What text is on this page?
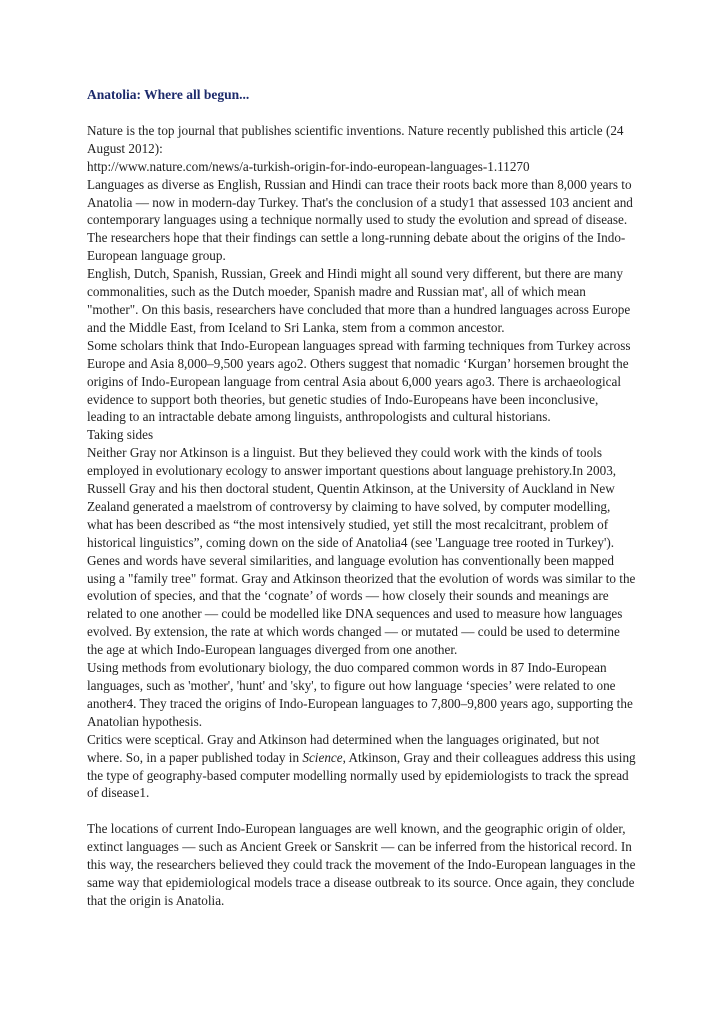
Anatolia: Where all begun...

Nature is the top journal that publishes scientific inventions. Nature recently published this article (24 August 2012):

http://www.nature.com/news/a-turkish-origin-for-indo-european-languages-1.11270

Languages as diverse as English, Russian and Hindi can trace their roots back more than 8,000 years to Anatolia — now in modern-day Turkey. That's the conclusion of a study1 that assessed 103 ancient and contemporary languages using a technique normally used to study the evolution and spread of disease. The researchers hope that their findings can settle a long-running debate about the origins of the Indo-European language group.

English, Dutch, Spanish, Russian, Greek and Hindi might all sound very different, but there are many commonalities, such as the Dutch moeder, Spanish madre and Russian mat', all of which mean "mother". On this basis, researchers have concluded that more than a hundred languages across Europe and the Middle East, from Iceland to Sri Lanka, stem from a common ancestor.

Some scholars think that Indo-European languages spread with farming techniques from Turkey across Europe and Asia 8,000–9,500 years ago2. Others suggest that nomadic ‘Kurgan’ horsemen brought the origins of Indo-European language from central Asia about 6,000 years ago3. There is archaeological evidence to support both theories, but genetic studies of Indo-Europeans have been inconclusive, leading to an intractable debate among linguists, anthropologists and cultural historians.

Taking sides

Neither Gray nor Atkinson is a linguist. But they believed they could work with the kinds of tools employed in evolutionary ecology to answer important questions about language prehistory.In 2003, Russell Gray and his then doctoral student, Quentin Atkinson, at the University of Auckland in New Zealand generated a maelstrom of controversy by claiming to have solved, by computer modelling, what has been described as “the most intensively studied, yet still the most recalcitrant, problem of historical linguistics”, coming down on the side of Anatolia4 (see 'Language tree rooted in Turkey').

Genes and words have several similarities, and language evolution has conventionally been mapped using a "family tree" format. Gray and Atkinson theorized that the evolution of words was similar to the evolution of species, and that the ‘cognate’ of words — how closely their sounds and meanings are related to one another — could be modelled like DNA sequences and used to measure how languages evolved. By extension, the rate at which words changed — or mutated — could be used to determine the age at which Indo-European languages diverged from one another.

Using methods from evolutionary biology, the duo compared common words in 87 Indo-European languages, such as 'mother', 'hunt' and 'sky', to figure out how language ‘species’ were related to one another4. They traced the origins of Indo-European languages to 7,800–9,800 years ago, supporting the Anatolian hypothesis.

Critics were sceptical. Gray and Atkinson had determined when the languages originated, but not where. So, in a paper published today in Science, Atkinson, Gray and their colleagues address this using the type of geography-based computer modelling normally used by epidemiologists to track the spread of disease1.

The locations of current Indo-European languages are well known, and the geographic origin of older, extinct languages — such as Ancient Greek or Sanskrit — can be inferred from the historical record. In this way, the researchers believed they could track the movement of the Indo-European languages in the same way that epidemiological models trace a disease outbreak to its source. Once again, they conclude that the origin is Anatolia.
